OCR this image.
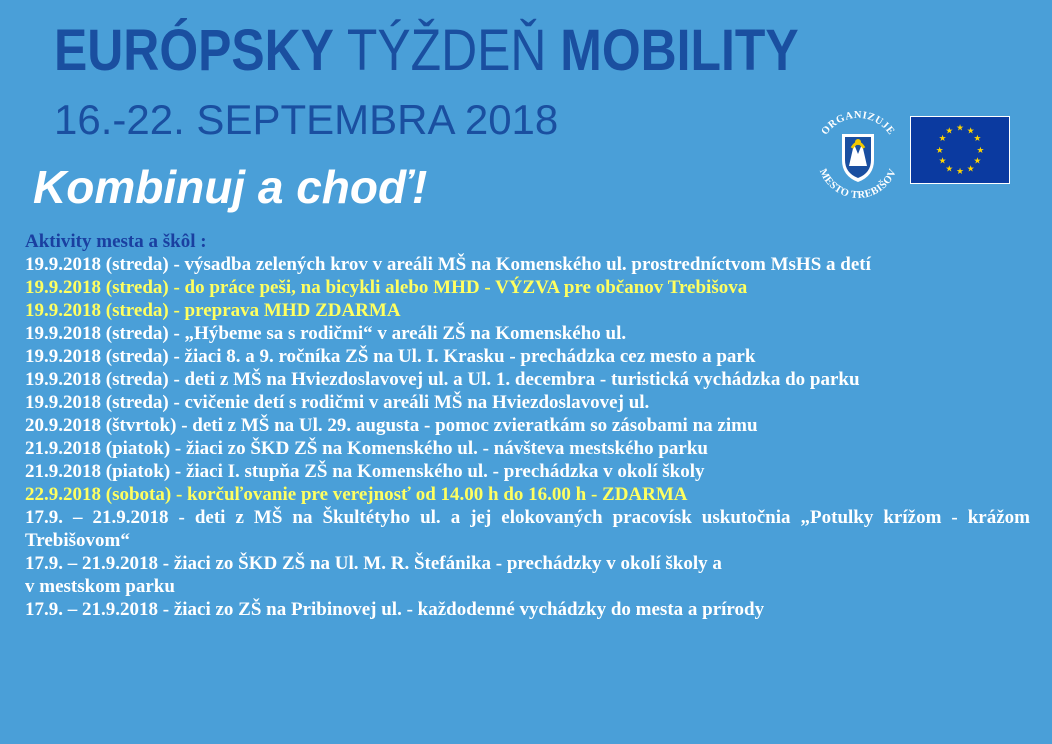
EURÓPSKY TÝŽDEŇ MOBILITY
16.-22. SEPTEMBRA 2018
Kombinuj a choď!
ORGANIZUJE
MESTO TREBIŠOV
★ ★
★
★
★
★
★
★
★
★
★
★
Aktivity mesta a škôl :
19.9.2018 (streda) - výsadba zelených krov v areáli MŠ na Komenského ul. prostredníctvom MsHS a detí
19.9.2018 (streda) - do práce peši, na bicykli alebo MHD - VÝZVA pre občanov Trebišova
19.9.2018 (streda) - preprava MHD ZDARMA
19.9.2018 (streda) - „Hýbeme sa s rodičmi“ v areáli ZŠ na Komenského ul.
19.9.2018 (streda) - žiaci 8. a 9. ročníka ZŠ na Ul. I. Krasku - prechádzka cez mesto a park
19.9.2018 (streda) - deti z MŠ na Hviezdoslavovej ul. a Ul. 1. decembra - turistická vychádzka do parku
19.9.2018 (streda) - cvičenie detí s rodičmi v areáli MŠ na Hviezdoslavovej ul.
20.9.2018 (štvrtok) - deti z MŠ na Ul. 29. augusta - pomoc zvieratkám so zásobami na zimu
21.9.2018 (piatok) - žiaci zo ŠKD ZŠ na Komenského ul. - návšteva mestského parku
21.9.2018 (piatok) - žiaci I. stupňa ZŠ na Komenského ul. - prechádzka v okolí školy
22.9.2018 (sobota) - korčuľovanie pre verejnosť od 14.00 h do 16.00 h - ZDARMA
17.9. – 21.9.2018 - deti z MŠ na Škultétyho ul. a jej elokovaných pracovísk uskutočnia „Potulky krížom - krážom Trebišovom“
17.9. – 21.9.2018 - žiaci zo ŠKD ZŠ na Ul. M. R. Štefánika - prechádzky v okolí školy a
v mestskom parku
17.9. – 21.9.2018 - žiaci zo ZŠ na Pribinovej ul. - každodenné vychádzky do mesta a prírody
